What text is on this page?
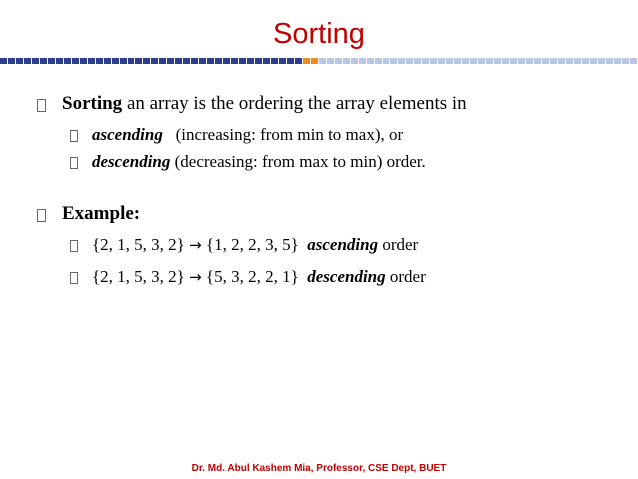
Sorting
Sorting an array is the ordering the array elements in
ascending   (increasing: from min to max), or
descending (decreasing: from max to min) order.
Example:
{2, 1, 5, 3, 2} → {1, 2, 2, 3, 5} ascending order
{2, 1, 5, 3, 2} → {5, 3, 2, 2, 1} descending order
Dr. Md. Abul Kashem Mia, Professor, CSE Dept, BUET
